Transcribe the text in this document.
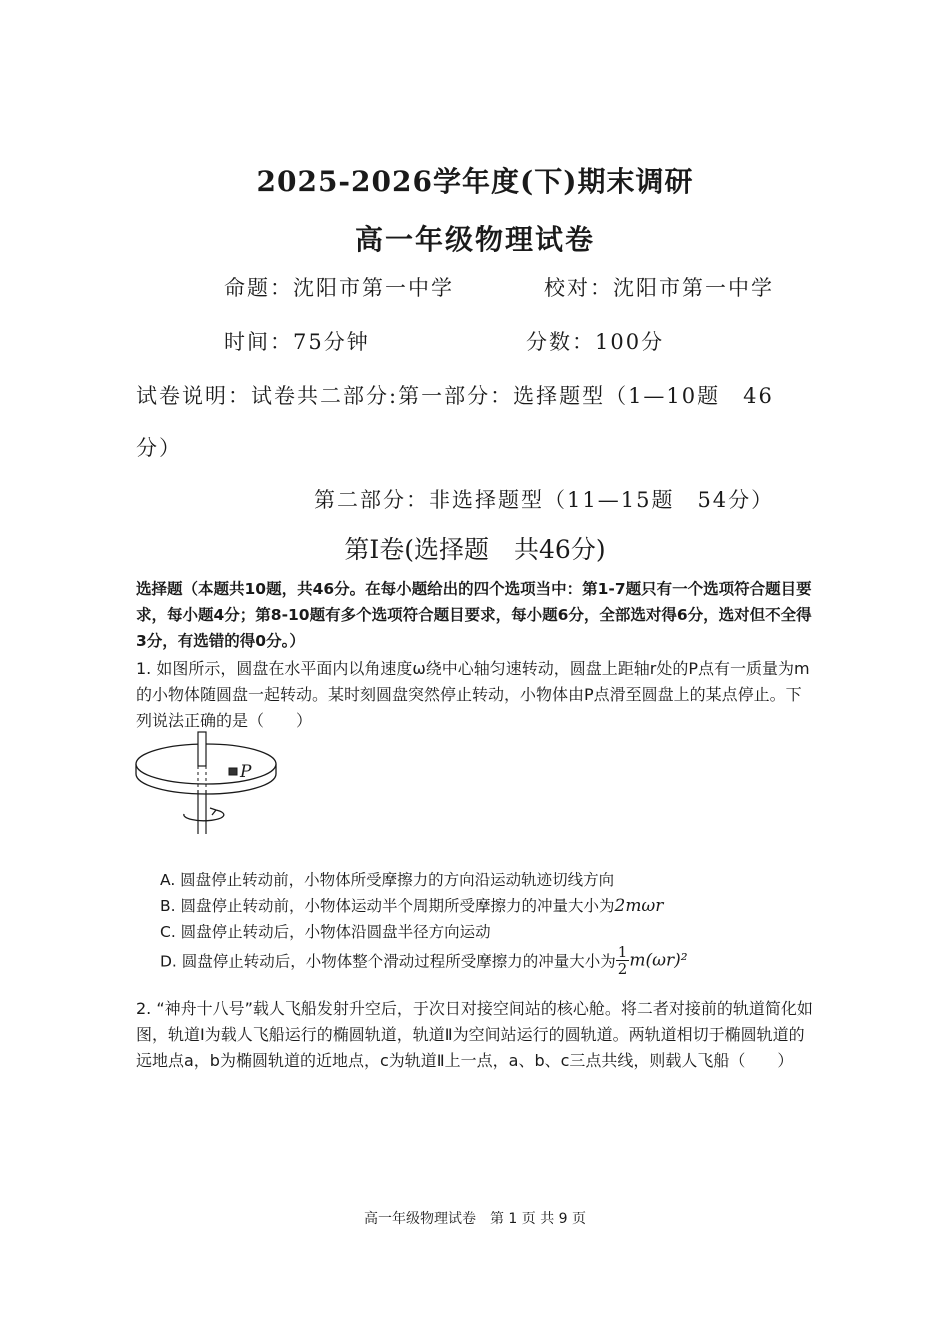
2025-2026学年度(下)期末调研
高一年级物理试卷
命题：沈阳市第一中学	校对：沈阳市第一中学
时间：75分钟	分数：100分
试卷说明：试卷共二部分:第一部分：选择题型（1—10题　46
分）
第二部分：非选择题型（11—15题　54分）
第Ⅰ卷(选择题　共46分)
选择题（本题共10题，共46分。在每小题给出的四个选项当中：第1-7题只有一个选项符合题目要求，每小题4分；第8-10题有多个选项符合题目要求，每小题6分，全部选对得6分，选对但不全得3分，有选错的得0分。）
1. 如图所示，圆盘在水平面内以角速度ω绕中心轴匀速转动，圆盘上距轴r处的P点有一质量为m的小物体随圆盘一起转动。某时刻圆盘突然停止转动，小物体由P点滑至圆盘上的某点停止。下列说法正确的是（　　）
P
A. 圆盘停止转动前，小物体所受摩擦力的方向沿运动轨迹切线方向
B. 圆盘停止转动前，小物体运动半个周期所受摩擦力的冲量大小为2mωr
C. 圆盘停止转动后，小物体沿圆盘半径方向运动
D. 圆盘停止转动后，小物体整个滑动过程所受摩擦力的冲量大小为 $\frac{1}{2} m(\omega r)^2$
2. “神舟十八号”载人飞船发射升空后，于次日对接空间站的核心舱。将二者对接前的轨道简化如图，轨道Ⅰ为载人飞船运行的椭圆轨道，轨道Ⅱ为空间站运行的圆轨道。两轨道相切于椭圆轨道的远地点a，b为椭圆轨道的近地点，c为轨道Ⅱ上一点，a、b、c三点共线，则载人飞船（　　）
高一年级物理试卷　第 1 页 共 9 页
